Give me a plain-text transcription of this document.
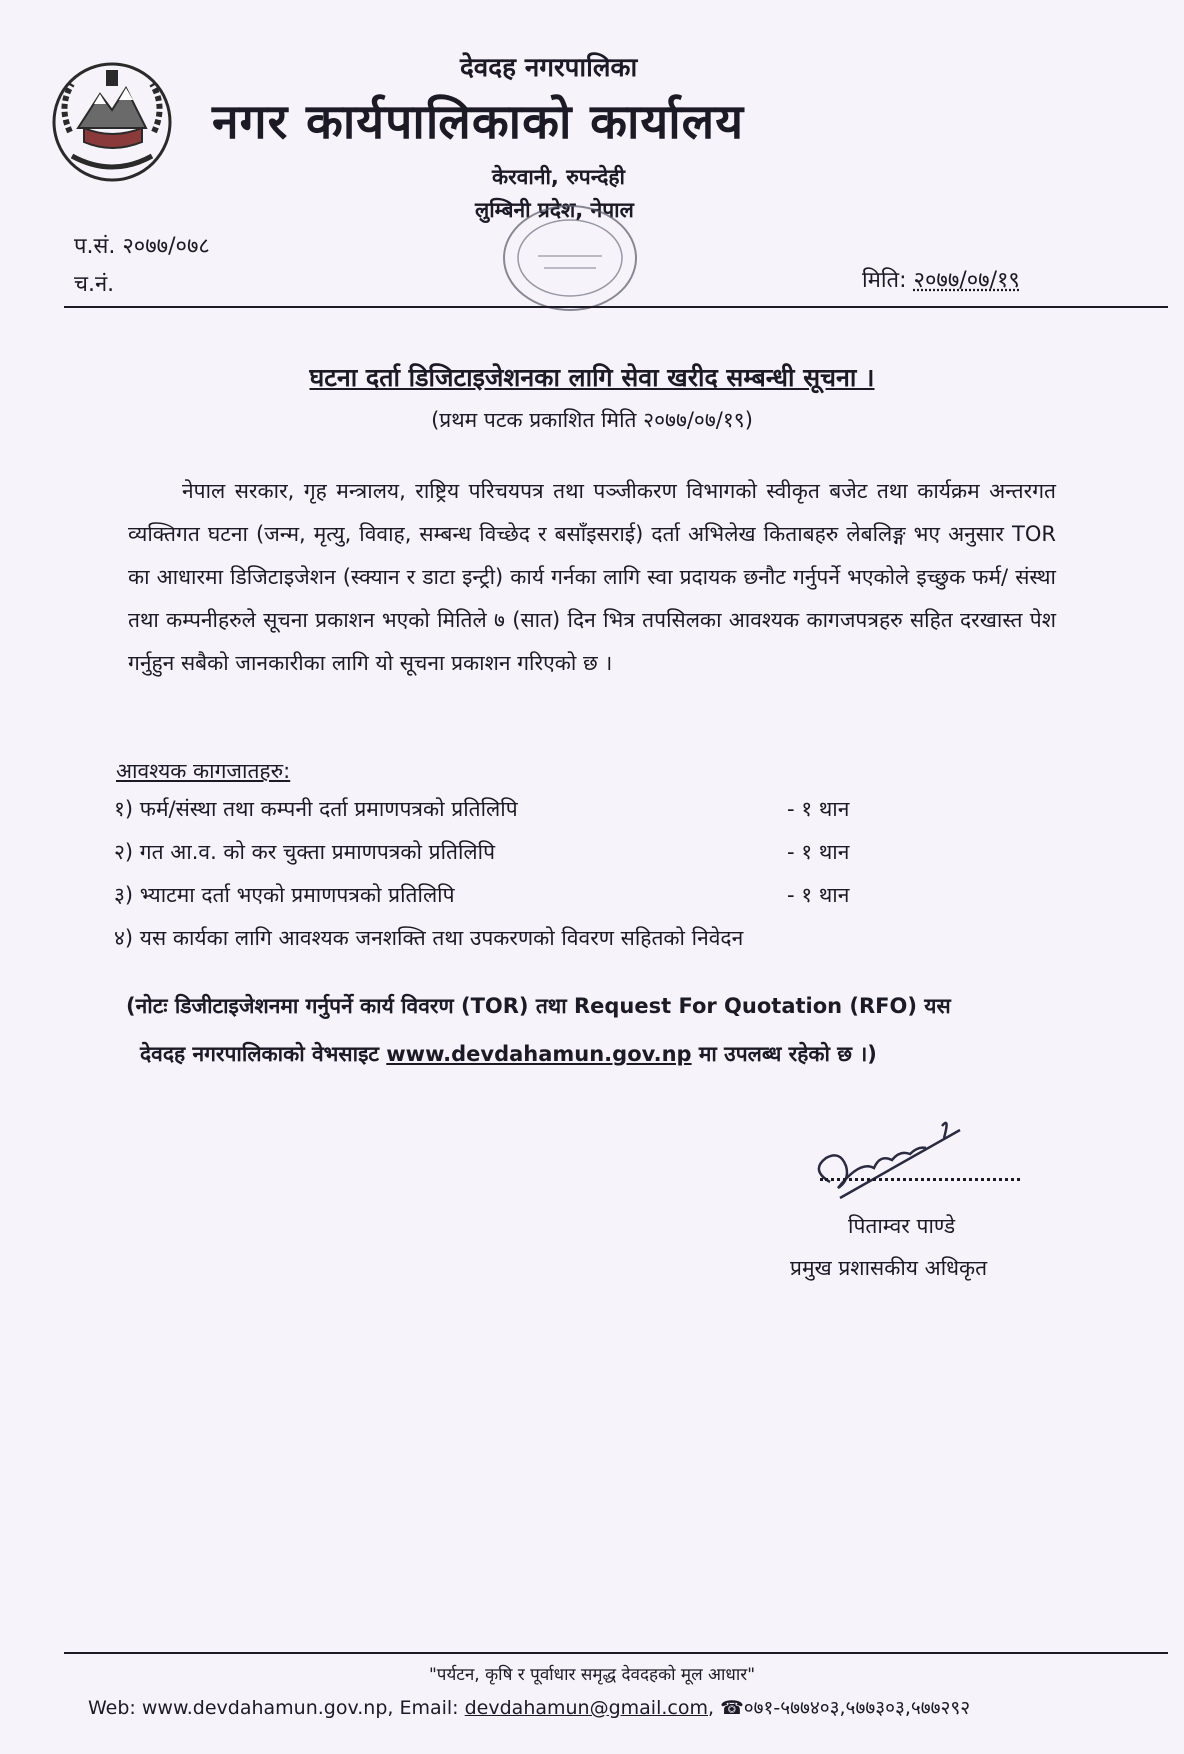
देवदह नगरपालिका
नगर कार्यपालिकाको कार्यालय
केरवानी, रुपन्देही
लुम्बिनी प्रदेश, नेपाल
प.सं. २०७७/०७८
च.नं.	मिति: २०७७/०७/१९
घटना दर्ता डिजिटाइजेशनका लागि सेवा खरीद सम्बन्धी सूचना ।
(प्रथम पटक प्रकाशित मिति २०७७/०७/१९)

नेपाल सरकार, गृह मन्त्रालय, राष्ट्रिय परिचयपत्र तथा पञ्जीकरण विभागको स्वीकृत बजेट तथा कार्यक्रम अन्तरगत व्यक्तिगत घटना (जन्म, मृत्यु, विवाह, सम्बन्ध विच्छेद र बसाँइसराई) दर्ता अभिलेख किताबहरु लेबलिङ्ग भए अनुसार TOR का आधारमा डिजिटाइजेशन (स्क्यान र डाटा इन्ट्री) कार्य गर्नका लागि स्वा प्रदायक छनौट गर्नुपर्ने भएकोले इच्छुक फर्म/ संस्था तथा कम्पनीहरुले सूचना प्रकाशन भएको मितिले ७ (सात) दिन भित्र तपसिलका आवश्यक कागजपत्रहरु सहित दरखास्त पेश गर्नुहुन सबैको जानकारीका लागि यो सूचना प्रकाशन गरिएको छ ।

आवश्यक कागजातहरु:
१) फर्म/संस्था तथा कम्पनी दर्ता प्रमाणपत्रको प्रतिलिपि	- १ थान
२) गत आ.व. को कर चुक्ता प्रमाणपत्रको प्रतिलिपि	- १ थान
३) भ्याटमा दर्ता भएको प्रमाणपत्रको प्रतिलिपि	- १ थान
४) यस कार्यका लागि आवश्यक जनशक्ति तथा उपकरणको विवरण सहितको निवेदन
(नोटः डिजीटाइजेशनमा गर्नुपर्ने कार्य विवरण (TOR) तथा Request For Quotation (RFO) यस
देवदह नगरपालिकाको वेभसाइट www.devdahamun.gov.np मा उपलब्ध रहेको छ ।)
पिताम्वर पाण्डे
प्रमुख प्रशासकीय अधिकृत
"पर्यटन, कृषि र पूर्वाधार समृद्ध देवदहको मूल आधार"
Web: www.devdahamun.gov.np, Email: devdahamun@gmail.com, ☎०७१-५७७४०३,५७७३०३,५७७२९२
